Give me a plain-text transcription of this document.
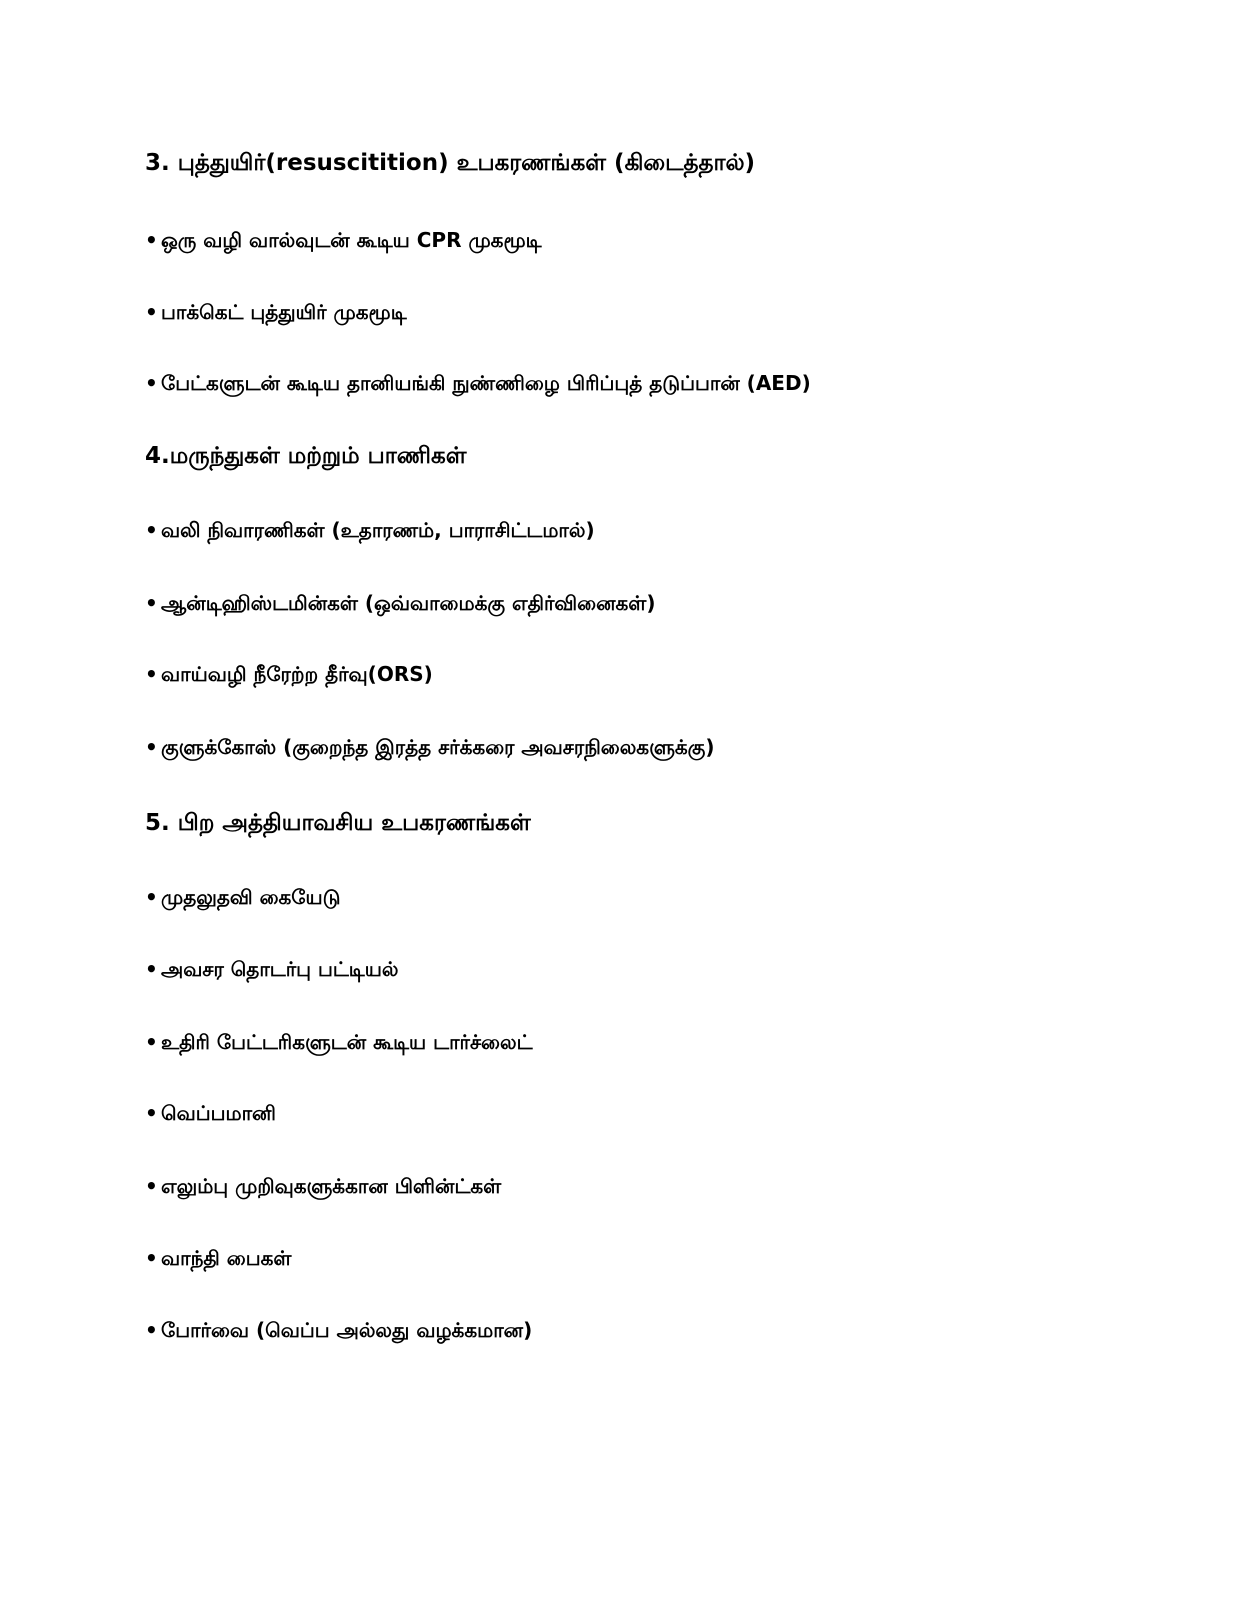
3. புத்துயிர்(resuscitition) உபகரணங்கள் (கிடைத்தால்)
• ஒரு வழி வால்வுடன் கூடிய CPR முகமூடி
• பாக்கெட் புத்துயிர் முகமூடி
• பேட்களுடன் கூடிய தானியங்கி நுண்ணிழை பிரிப்புத் தடுப்பான் (AED)
4.மருந்துகள் மற்றும் பாணிகள்
• வலி நிவாரணிகள் (உதாரணம், பாராசிட்டமால்)
• ஆன்டிஹிஸ்டமின்கள் (ஒவ்வாமைக்கு எதிர்வினைகள்)
• வாய்வழி நீரேற்ற தீர்வு(ORS)
• குளுக்கோஸ் (குறைந்த இரத்த சர்க்கரை அவசரநிலைகளுக்கு)
5. பிற அத்தியாவசிய உபகரணங்கள்
• முதலுதவி கையேடு
• அவசர தொடர்பு பட்டியல்
• உதிரி பேட்டரிகளுடன் கூடிய டார்ச்லைட்
• வெப்பமானி
• எலும்பு முறிவுகளுக்கான பிளின்ட்கள்
• வாந்தி பைகள்
• போர்வை (வெப்ப அல்லது வழக்கமான)
